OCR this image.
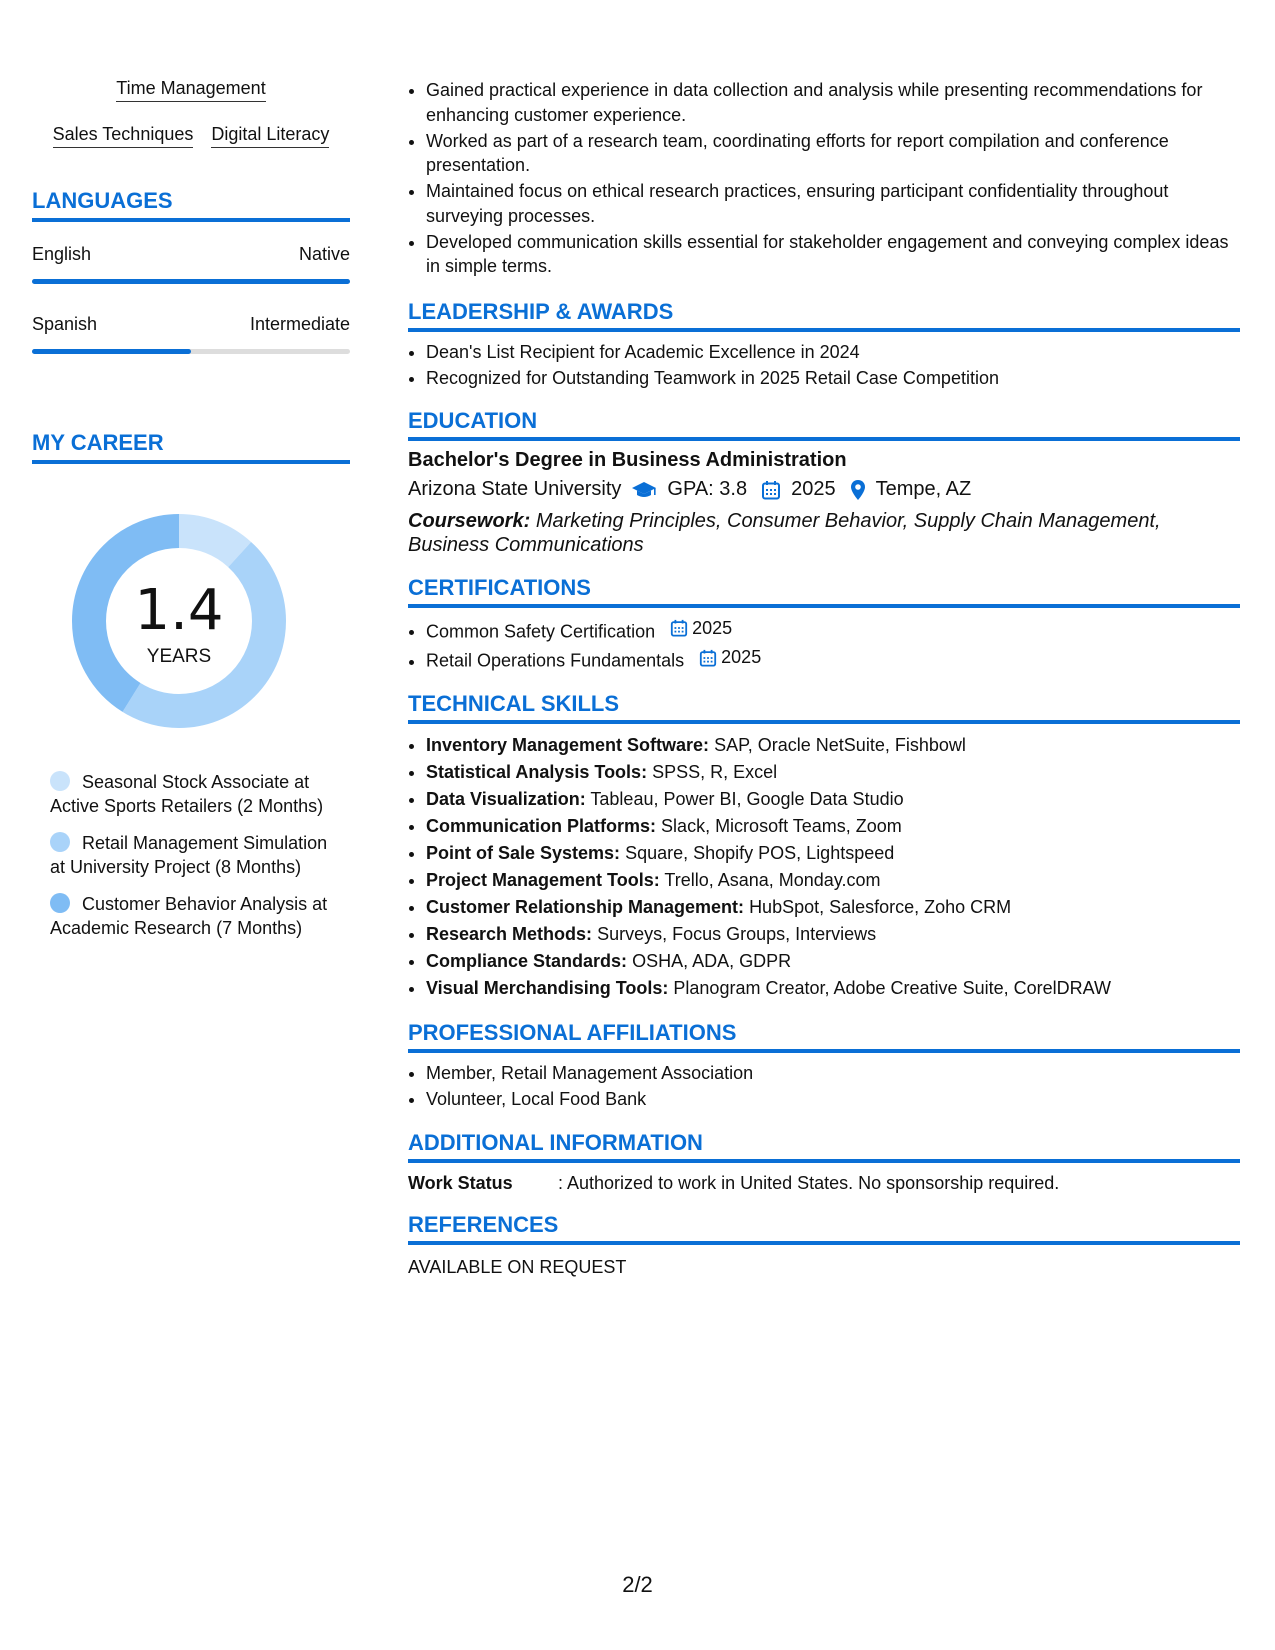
Time Management
Sales Techniques Digital Literacy
LANGUAGES
English	Native
Spanish	Intermediate
MY CAREER
1.4
YEARS
Seasonal Stock Associate at Active Sports Retailers (2 Months)
Retail Management Simulation at University Project (8 Months)
Customer Behavior Analysis at Academic Research (7 Months)
• Gained practical experience in data collection and analysis while presenting recommendations for enhancing customer experience.
• Worked as part of a research team, coordinating efforts for report compilation and conference presentation.
• Maintained focus on ethical research practices, ensuring participant confidentiality throughout surveying processes.
• Developed communication skills essential for stakeholder engagement and conveying complex ideas in simple terms.
LEADERSHIP & AWARDS
• Dean's List Recipient for Academic Excellence in 2024
• Recognized for Outstanding Teamwork in 2025 Retail Case Competition
EDUCATION
Bachelor's Degree in Business Administration
Arizona State University GPA: 3.8 2025 Tempe, AZ
Coursework: Marketing Principles, Consumer Behavior, Supply Chain Management, Business Communications
CERTIFICATIONS
• Common Safety Certification 2025
• Retail Operations Fundamentals 2025
TECHNICAL SKILLS
• Inventory Management Software: SAP, Oracle NetSuite, Fishbowl
• Statistical Analysis Tools: SPSS, R, Excel
• Data Visualization: Tableau, Power BI, Google Data Studio
• Communication Platforms: Slack, Microsoft Teams, Zoom
• Point of Sale Systems: Square, Shopify POS, Lightspeed
• Project Management Tools: Trello, Asana, Monday.com
• Customer Relationship Management: HubSpot, Salesforce, Zoho CRM
• Research Methods: Surveys, Focus Groups, Interviews
• Compliance Standards: OSHA, ADA, GDPR
• Visual Merchandising Tools: Planogram Creator, Adobe Creative Suite, CorelDRAW
PROFESSIONAL AFFILIATIONS
• Member, Retail Management Association
• Volunteer, Local Food Bank
ADDITIONAL INFORMATION
Work Status	: Authorized to work in United States. No sponsorship required.
REFERENCES
AVAILABLE ON REQUEST
2/2
